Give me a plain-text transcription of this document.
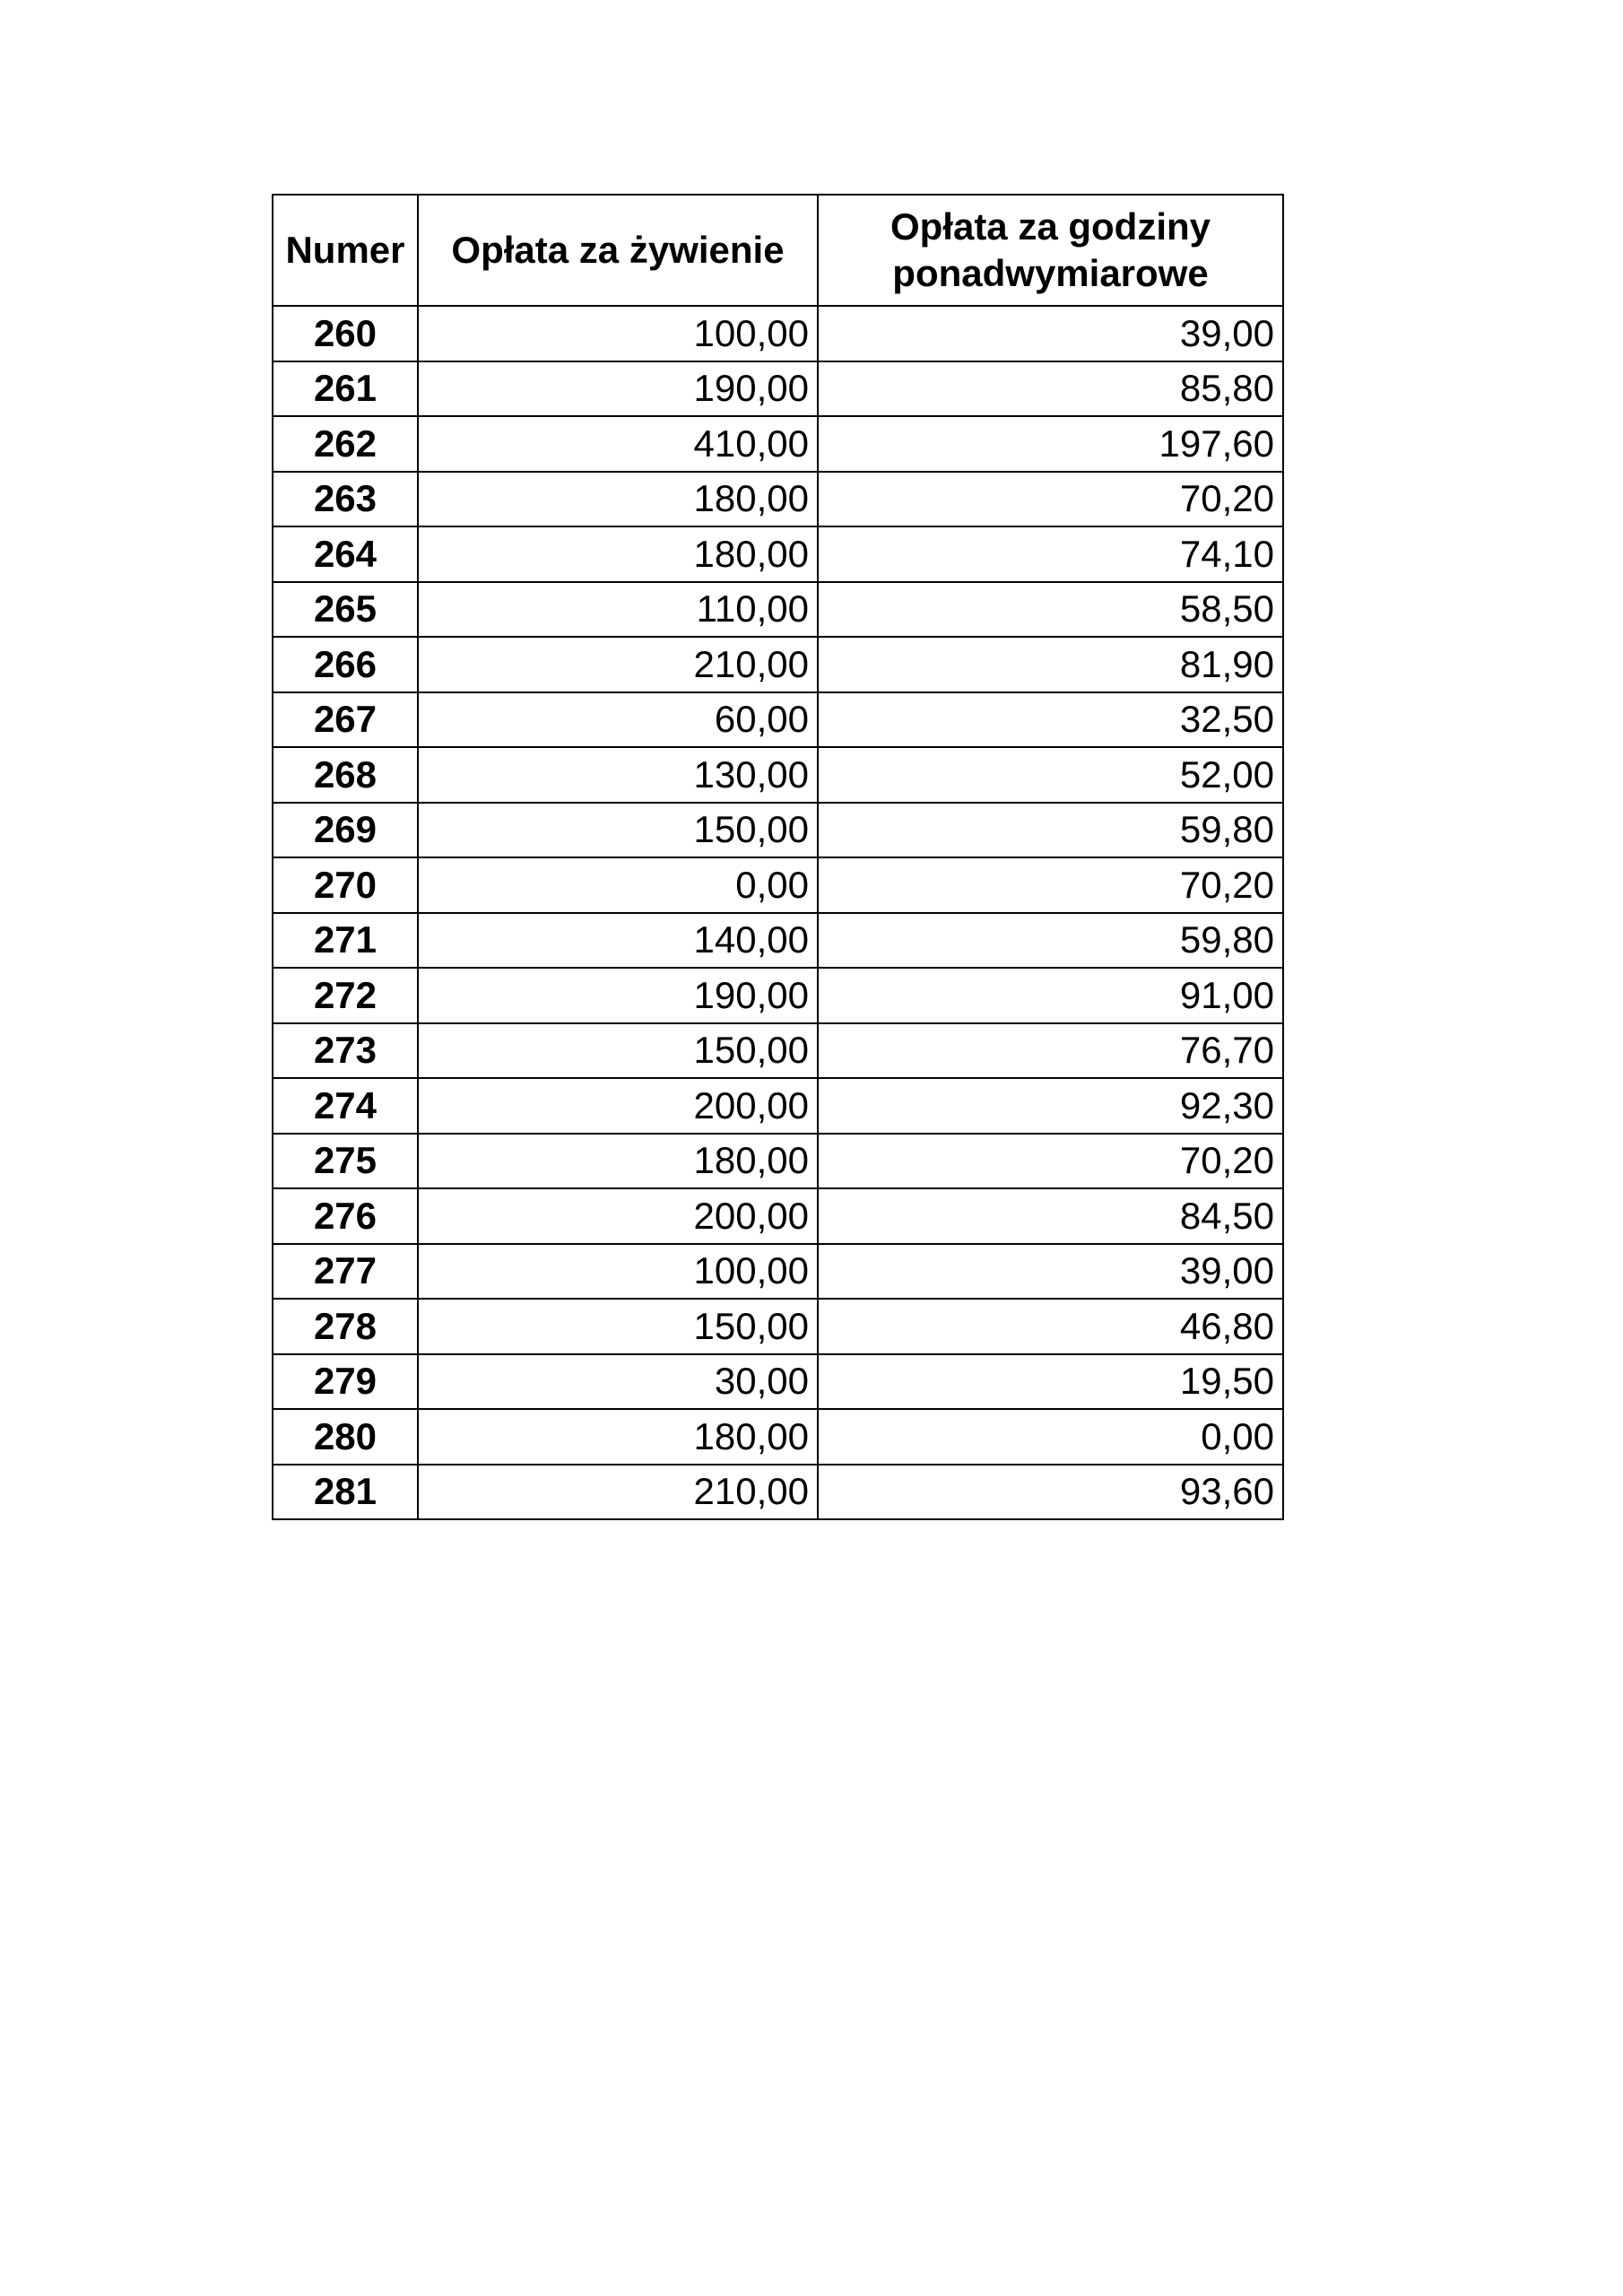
Numer	Opłata za żywienie	Opłata za godziny ponadwymiarowe
260	100,00	39,00
261	190,00	85,80
262	410,00	197,60
263	180,00	70,20
264	180,00	74,10
265	110,00	58,50
266	210,00	81,90
267	60,00	32,50
268	130,00	52,00
269	150,00	59,80
270	0,00	70,20
271	140,00	59,80
272	190,00	91,00
273	150,00	76,70
274	200,00	92,30
275	180,00	70,20
276	200,00	84,50
277	100,00	39,00
278	150,00	46,80
279	30,00	19,50
280	180,00	0,00
281	210,00	93,60
